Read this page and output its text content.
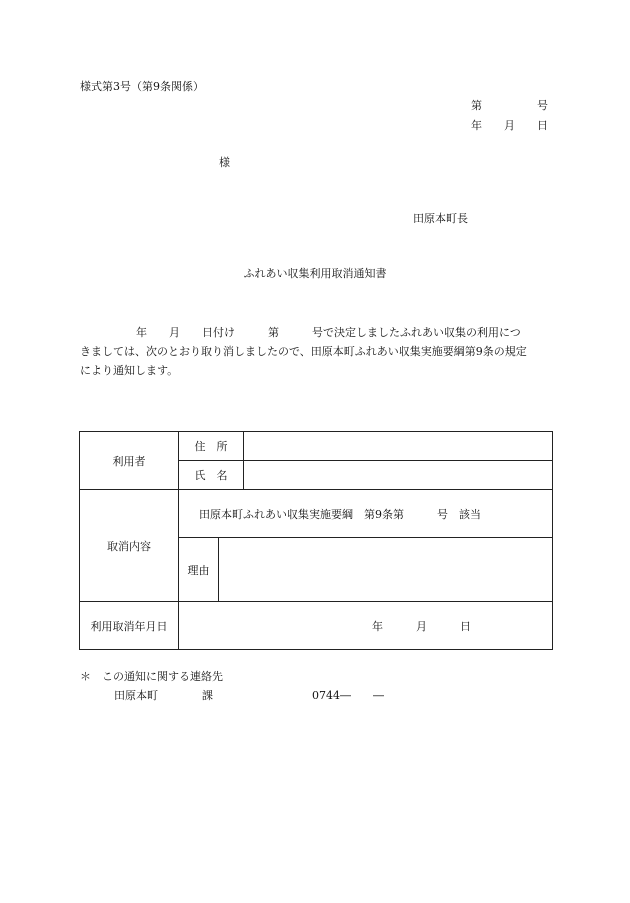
様式第3号（第9条関係）
第　　　　　号
年　　月　　日
様
田原本町長
ふれあい収集利用取消通知書
年　　月　　日付け　　　第　　　号で決定しましたふれあい収集の利用につ
きましては、次のとおり取り消しましたので、田原本町ふれあい収集実施要綱第9条の規定
により通知します。
利用者	住　所		
	氏　名		
取消内容	田原本町ふれあい収集実施要綱　第9条第　　　号　該当		
	理由		
利用取消年月日	年　　　月　　　日		
＊　この通知に関する連絡先
田原本町　　　　課　　　　　　　　　0744―　　―
